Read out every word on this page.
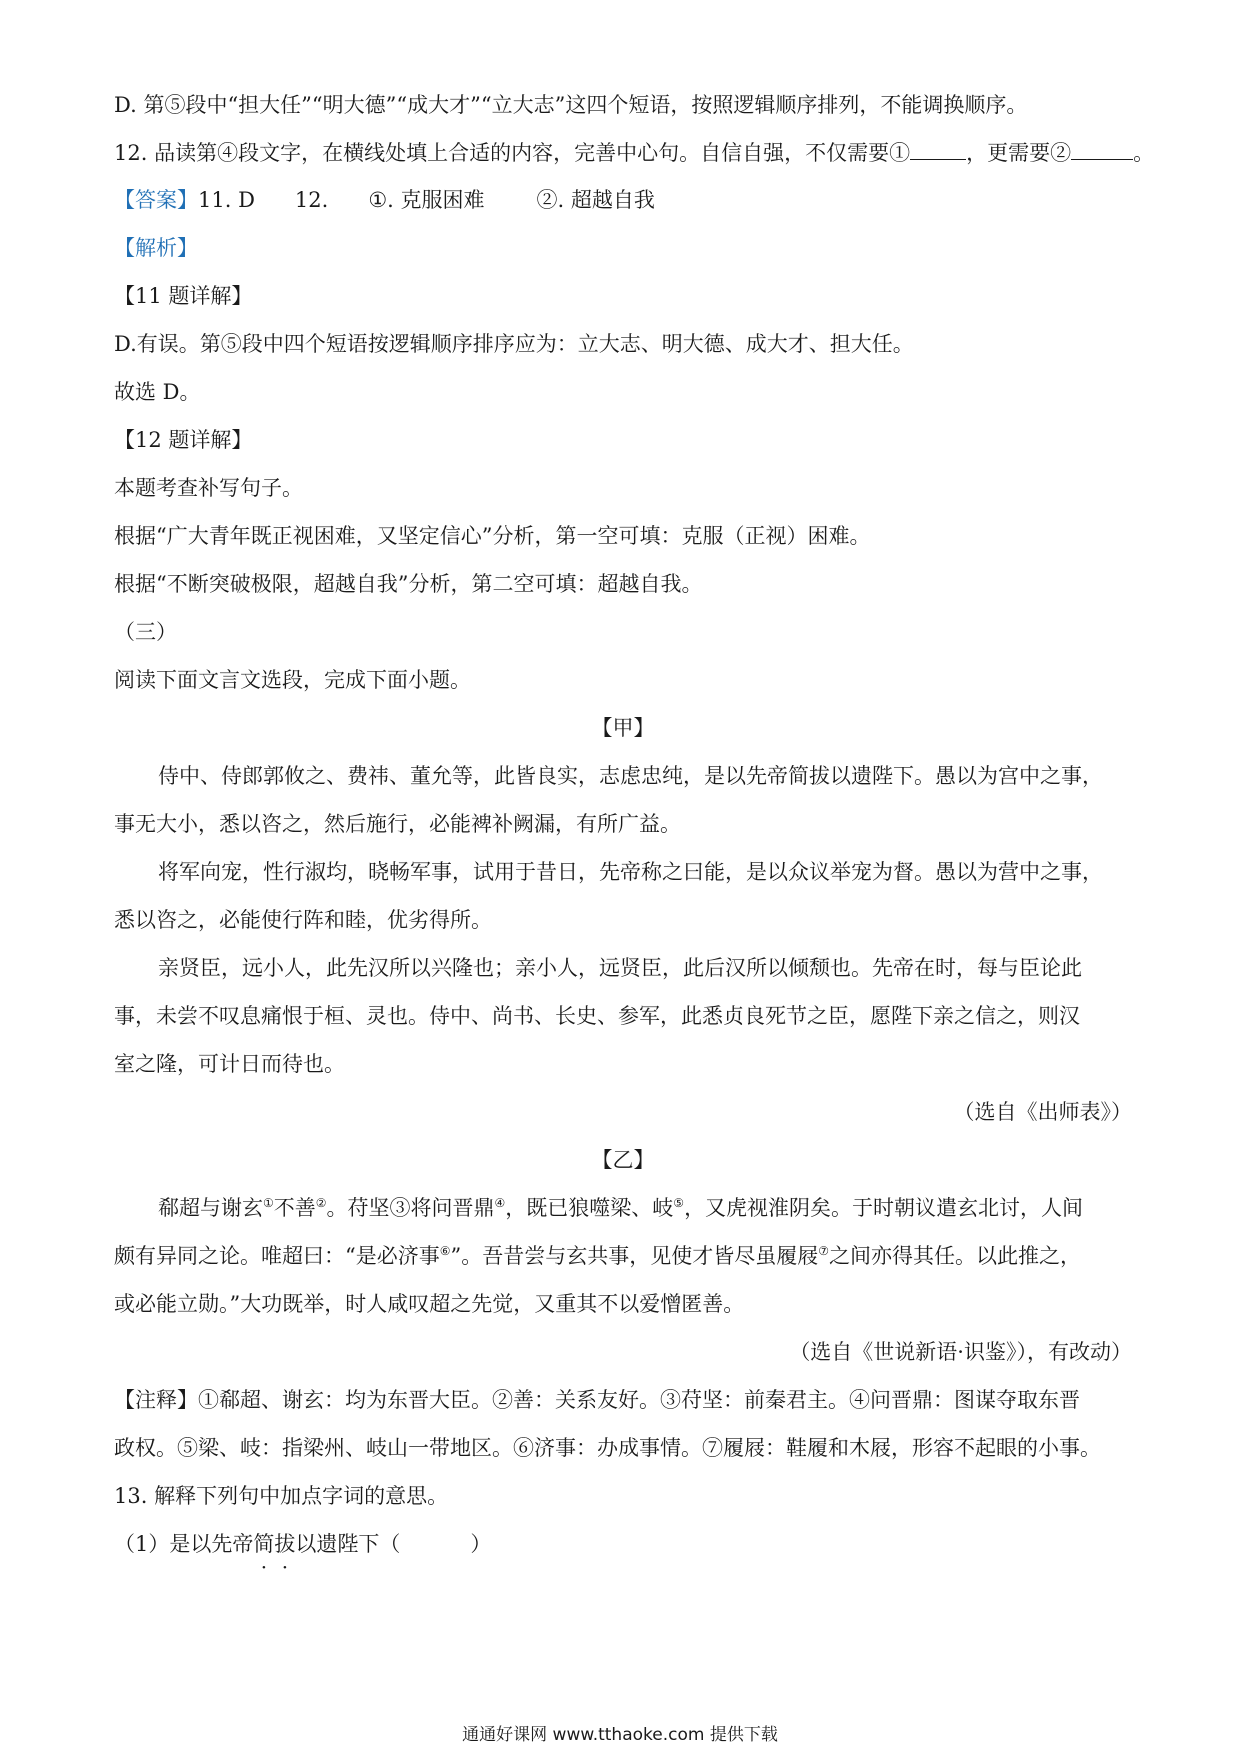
D. 第⑤段中“担大任”“明大德”“成大才”“立大志”这四个短语，按照逻辑顺序排列，不能调换顺序。
12. 品读第④段文字，在横线处填上合适的内容，完善中心句。自信自强，不仅需要①	，更需要②	。
【答案】11. D 12. ①. 克服困难 ②. 超越自我
【解析】
【11 题详解】
D.有误。第⑤段中四个短语按逻辑顺序排序应为：立大志、明大德、成大才、担大任。
故选 D。
【12 题详解】
本题考查补写句子。
根据“广大青年既正视困难，又坚定信心”分析，第一空可填：克服（正视）困难。
根据“不断突破极限，超越自我”分析，第二空可填：超越自我。
（三）
阅读下面文言文选段，完成下面小题。
【甲】
侍中、侍郎郭攸之、费祎、董允等，此皆良实，志虑忠纯，是以先帝简拔以遗陛下。愚以为宫中之事，
事无大小，悉以咨之，然后施行，必能裨补阙漏，有所广益。
将军向宠，性行淑均，晓畅军事，试用于昔日，先帝称之曰能，是以众议举宠为督。愚以为营中之事，
悉以咨之，必能使行阵和睦，优劣得所。
亲贤臣，远小人，此先汉所以兴隆也；亲小人，远贤臣，此后汉所以倾颓也。先帝在时，每与臣论此
事，未尝不叹息痛恨于桓、灵也。侍中、尚书、长史、参军，此悉贞良死节之臣，愿陛下亲之信之，则汉
室之隆，可计日而待也。
（选自《出师表》）
【乙】
郗超与谢玄①不善②。苻坚③将问晋鼎④，既已狼噬梁、岐⑤，又虎视淮阴矣。于时朝议遣玄北讨，人间
颇有异同之论。唯超曰：“是必济事⑥”。吾昔尝与玄共事，见使才皆尽虽履屐⑦之间亦得其任。以此推之，
或必能立勋。”大功既举，时人咸叹超之先觉，又重其不以爱憎匿善。
（选自《世说新语·识鉴》），有改动）
【注释】①郗超、谢玄：均为东晋大臣。②善：关系友好。③苻坚：前秦君主。④问晋鼎：图谋夺取东晋
政权。⑤梁、岐：指梁州、岐山一带地区。⑥济事：办成事情。⑦履屐：鞋履和木屐，形容不起眼的小事。
13. 解释下列句中加点字词的意思。
（1）是以先帝简拔以遗陛下（	）
通通好课网 www.tthaoke.com 提供下载
